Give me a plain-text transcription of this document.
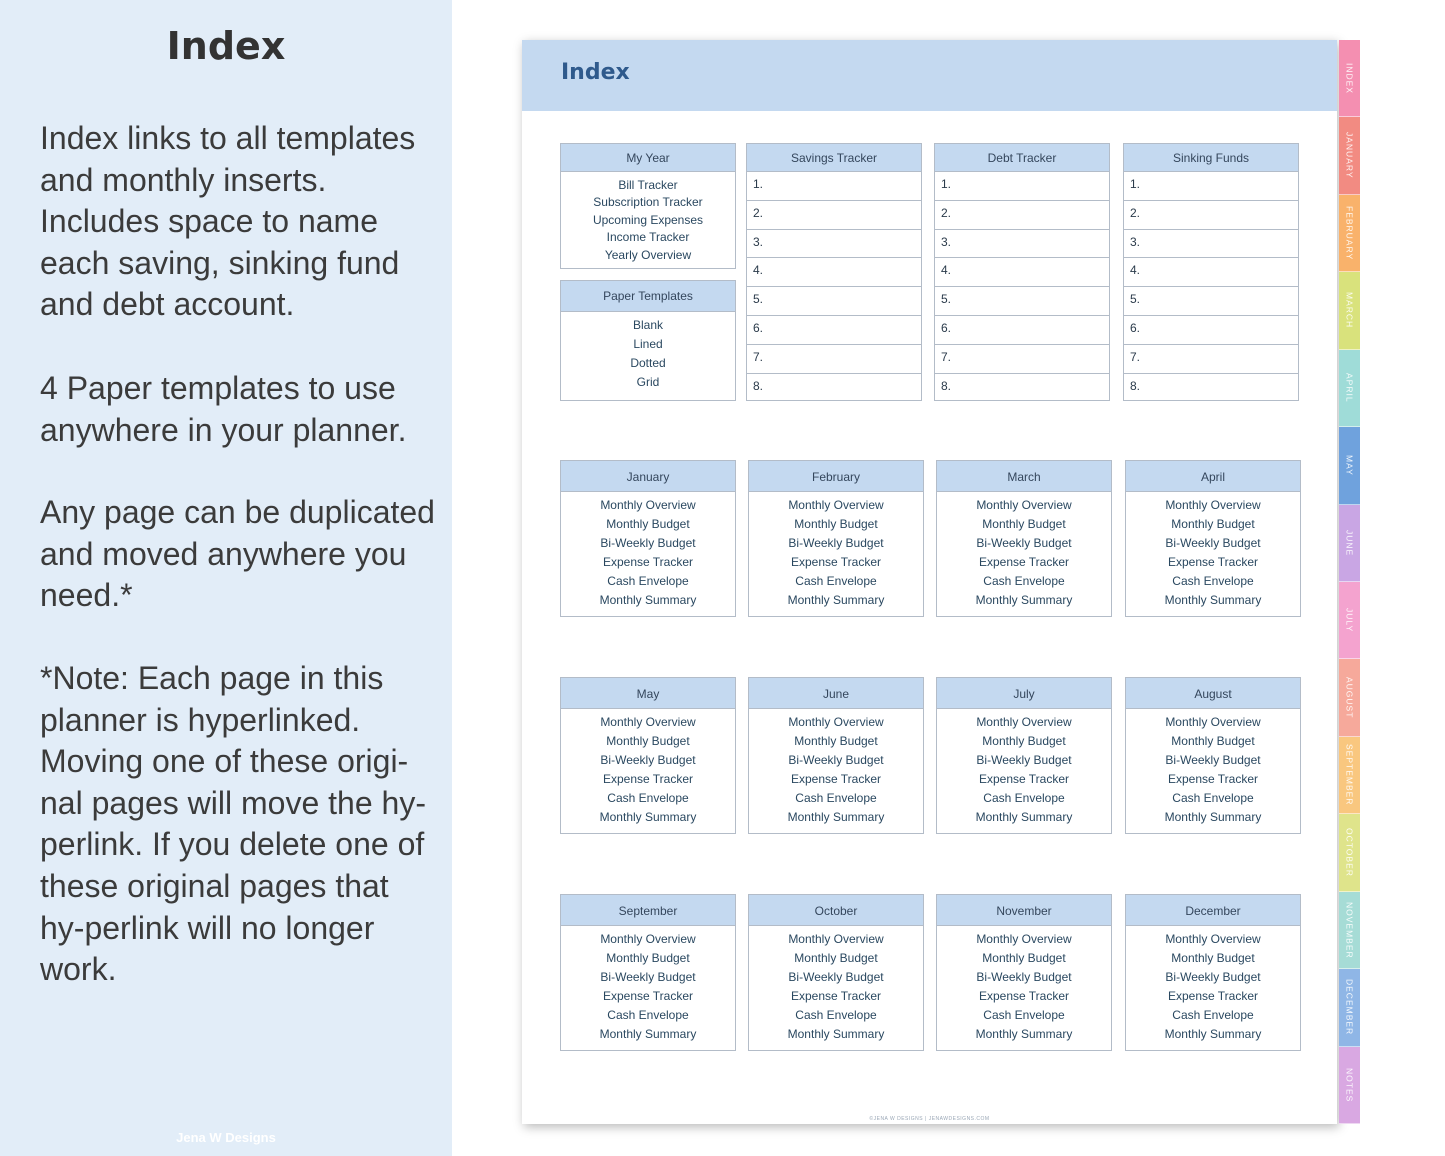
Index
Index links to all templates and monthly inserts. Includes space to name each saving, sinking fund and debt account.
4 Paper templates to use anywhere in your planner.
Any page can be duplicated and moved anywhere you need.*
*Note: Each page in this planner is hyperlinked. Moving one of these origi-nal pages will move the hy-perlink. If you delete one of these original pages that hy-perlink will no longer work.
Jena W Designs
Index
My Year
Bill Tracker
Subscription Tracker
Upcoming Expenses
Income Tracker
Yearly Overview
Paper Templates
Blank
Lined
Dotted
Grid
Savings Tracker
1.
2.
3.
4.
5.
6.
7.
8.
Debt Tracker
1.
2.
3.
4.
5.
6.
7.
8.
Sinking Funds
1.
2.
3.
4.
5.
6.
7.
8.
January
Monthly Overview
Monthly Budget
Bi-Weekly Budget
Expense Tracker
Cash Envelope
Monthly Summary
February
Monthly Overview
Monthly Budget
Bi-Weekly Budget
Expense Tracker
Cash Envelope
Monthly Summary
March
Monthly Overview
Monthly Budget
Bi-Weekly Budget
Expense Tracker
Cash Envelope
Monthly Summary
April
Monthly Overview
Monthly Budget
Bi-Weekly Budget
Expense Tracker
Cash Envelope
Monthly Summary
May
Monthly Overview
Monthly Budget
Bi-Weekly Budget
Expense Tracker
Cash Envelope
Monthly Summary
June
Monthly Overview
Monthly Budget
Bi-Weekly Budget
Expense Tracker
Cash Envelope
Monthly Summary
July
Monthly Overview
Monthly Budget
Bi-Weekly Budget
Expense Tracker
Cash Envelope
Monthly Summary
August
Monthly Overview
Monthly Budget
Bi-Weekly Budget
Expense Tracker
Cash Envelope
Monthly Summary
September
Monthly Overview
Monthly Budget
Bi-Weekly Budget
Expense Tracker
Cash Envelope
Monthly Summary
October
Monthly Overview
Monthly Budget
Bi-Weekly Budget
Expense Tracker
Cash Envelope
Monthly Summary
November
Monthly Overview
Monthly Budget
Bi-Weekly Budget
Expense Tracker
Cash Envelope
Monthly Summary
December
Monthly Overview
Monthly Budget
Bi-Weekly Budget
Expense Tracker
Cash Envelope
Monthly Summary
©JENA W DESIGNS | JENAWDESIGNS.COM
INDEX
JANUARY
FEBRUARY
MARCH
APRIL
MAY
JUNE
JULY
AUGUST
SEPTEMBER
OCTOBER
NOVEMBER
DECEMBER
NOTES
